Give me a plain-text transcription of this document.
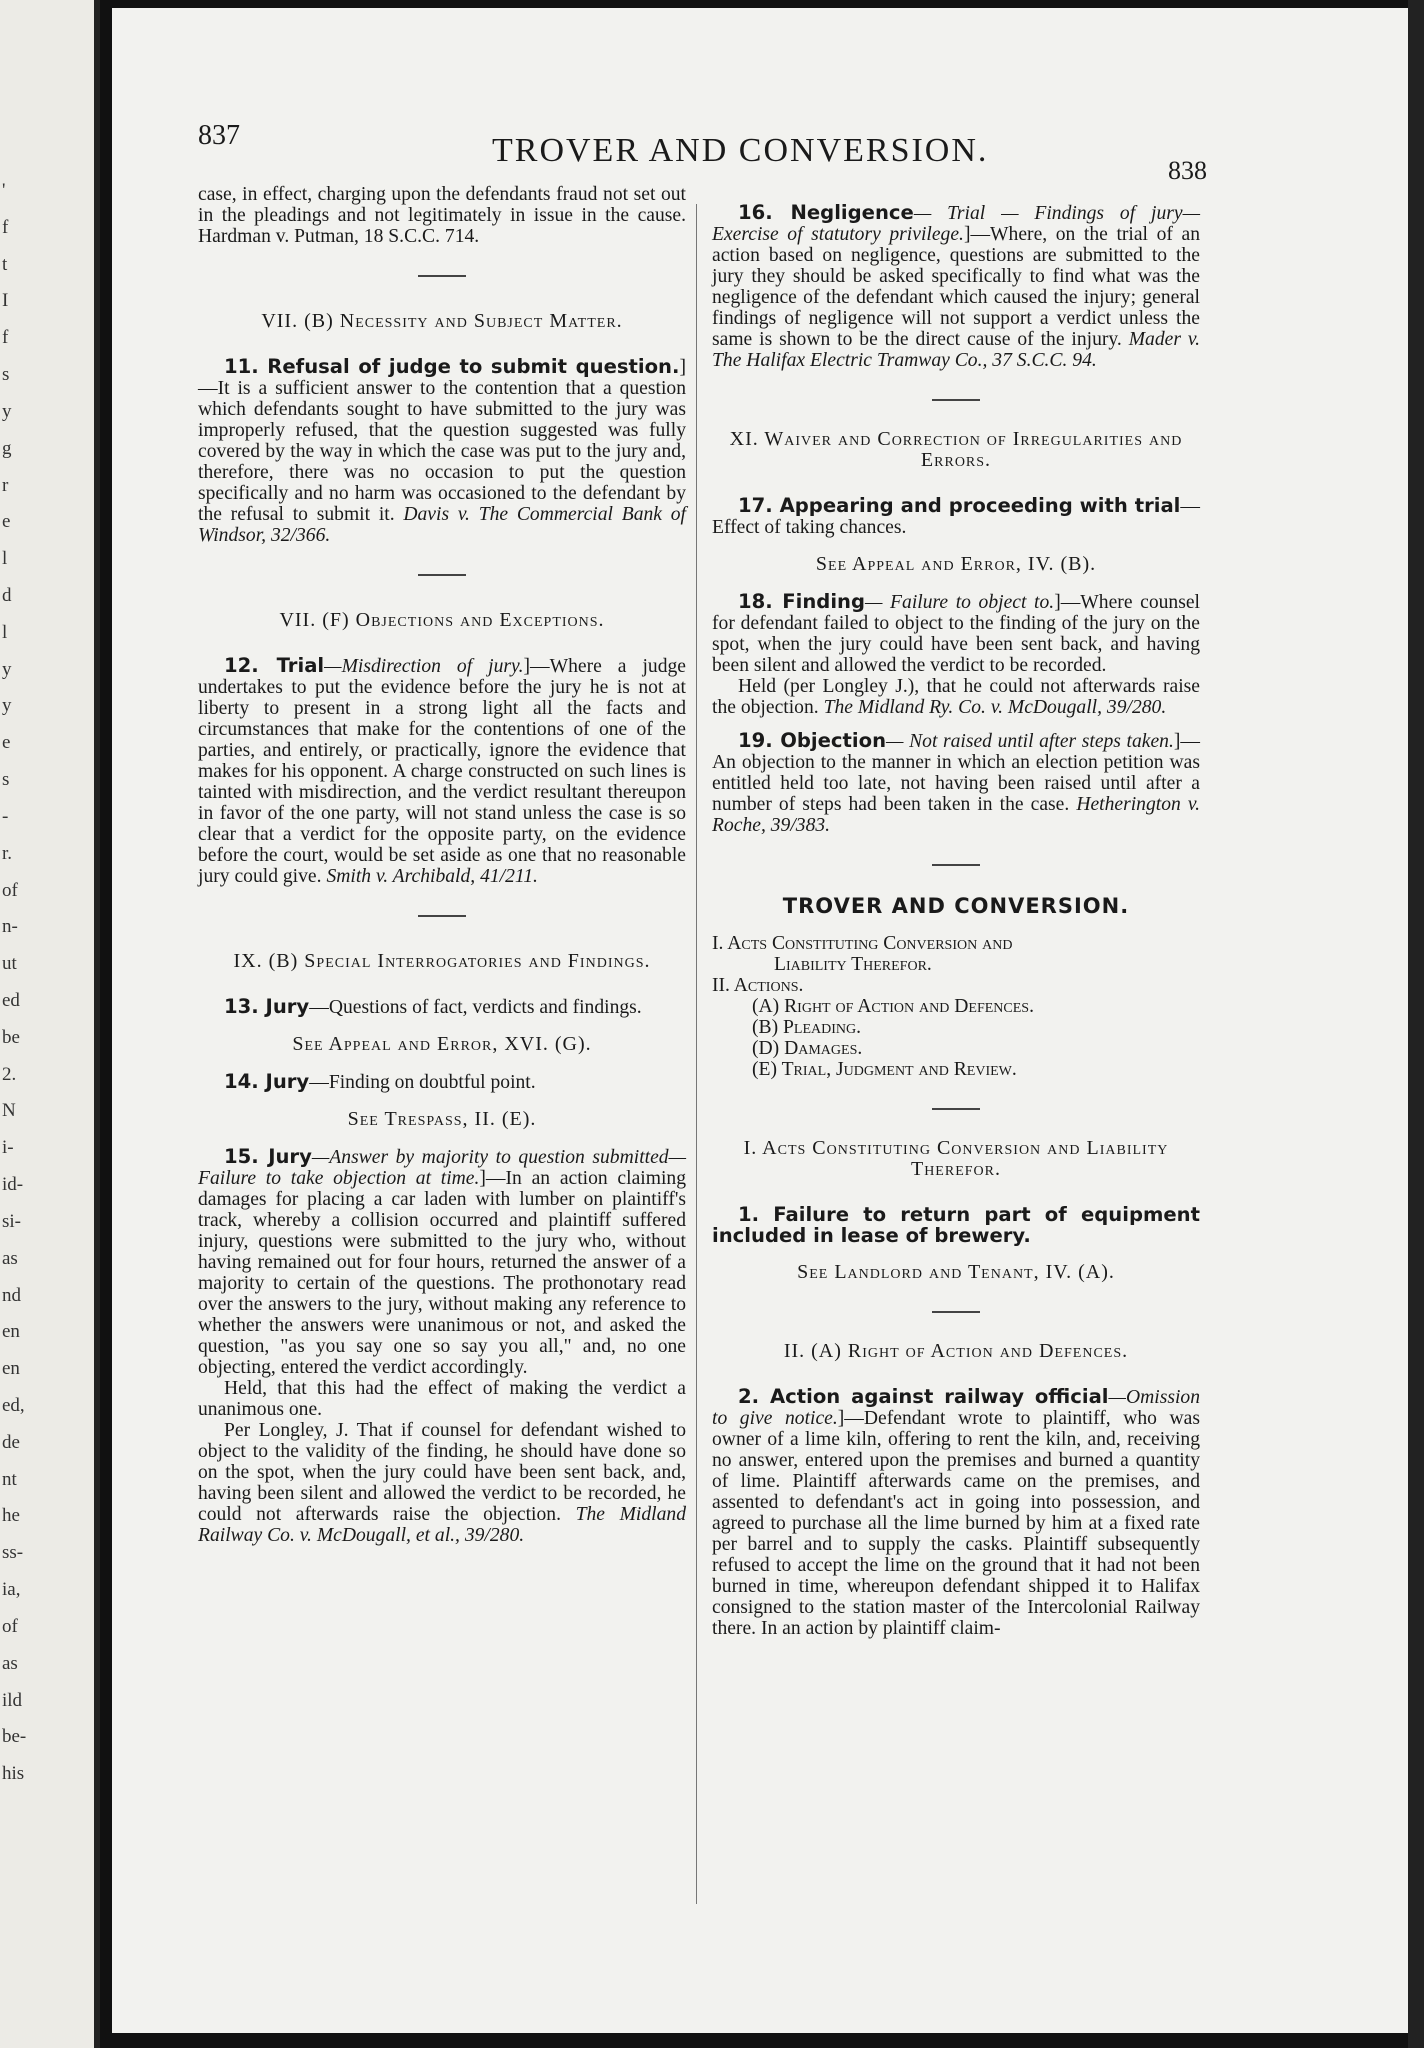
'
f
t
I
f
s
y
g
r
e
l
d
l
y
y
e
s
-
r.
of
n-
ut
ed
be
2.
N
i-
id-
si-
as
nd
en
en
ed,
de
nt
he
ss-
ia,
of
as
ild
be-
his
837	TROVER AND CONVERSION.
838

case, in effect, charging upon the defendants fraud not set out in the pleadings and not legitimately in issue in the cause. Hardman v. Putman, 18 S.C.C. 714.

VII. (B) Necessity and Subject Matter.

11. Refusal of judge to submit question.]—It is a sufficient answer to the contention that a question which defendants sought to have submitted to the jury was improperly refused, that the question suggested was fully covered by the way in which the case was put to the jury and, therefore, there was no occasion to put the question specifically and no harm was occasioned to the defendant by the refusal to submit it. Davis v. The Commercial Bank of Windsor, 32/366.

VII. (F) Objections and Exceptions.

12. Trial—Misdirection of jury.]—Where a judge undertakes to put the evidence before the jury he is not at liberty to present in a strong light all the facts and circumstances that make for the contentions of one of the parties, and entirely, or practically, ignore the evidence that makes for his opponent. A charge constructed on such lines is tainted with misdirection, and the verdict resultant thereupon in favor of the one party, will not stand unless the case is so clear that a verdict for the opposite party, on the evidence before the court, would be set aside as one that no reasonable jury could give. Smith v. Archibald, 41/211.

IX. (B) Special Interrogatories and Findings.

13. Jury—Questions of fact, verdicts and findings.

See Appeal and Error, XVI. (G).

14. Jury—Finding on doubtful point.

See Trespass, II. (E).

15. Jury—Answer by majority to question submitted—Failure to take objection at time.]—In an action claiming damages for placing a car laden with lumber on plaintiff's track, whereby a collision occurred and plaintiff suffered injury, questions were submitted to the jury who, without having remained out for four hours, returned the answer of a majority to certain of the questions. The prothonotary read over the answers to the jury, without making any reference to whether the answers were unanimous or not, and asked the question, "as you say one so say you all," and, no one objecting, entered the verdict accordingly.

Held, that this had the effect of making the verdict a unanimous one.

Per Longley, J. That if counsel for defendant wished to object to the validity of the finding, he should have done so on the spot, when the jury could have been sent back, and, having been silent and allowed the verdict to be recorded, he could not afterwards raise the objection. The Midland Railway Co. v. McDougall, et al., 39/280.

16. Negligence— Trial — Findings of jury—Exercise of statutory privilege.]—Where, on the trial of an action based on negligence, questions are submitted to the jury they should be asked specifically to find what was the negligence of the defendant which caused the injury; general findings of negligence will not support a verdict unless the same is shown to be the direct cause of the injury. Mader v. The Halifax Electric Tramway Co., 37 S.C.C. 94.

XI. Waiver and Correction of Irregularities and Errors.

17. Appearing and proceeding with trial—Effect of taking chances.

See Appeal and Error, IV. (B).

18. Finding— Failure to object to.]—Where counsel for defendant failed to object to the finding of the jury on the spot, when the jury could have been sent back, and having been silent and allowed the verdict to be recorded.

Held (per Longley J.), that he could not afterwards raise the objection. The Midland Ry. Co. v. McDougall, 39/280.

19. Objection— Not raised until after steps taken.]—An objection to the manner in which an election petition was entitled held too late, not having been raised until after a number of steps had been taken in the case. Hetherington v. Roche, 39/383.

TROVER AND CONVERSION.
I. Acts Constituting Conversion and
Liability Therefor.
II. Actions.
(A) Right of Action and Defences.
(B) Pleading.
(D) Damages.
(E) Trial, Judgment and Review.
I. Acts Constituting Conversion and Liability Therefor.

1. Failure to return part of equipment included in lease of brewery.

See Landlord and Tenant, IV. (A).
II. (A) Right of Action and Defences.

2. Action against railway official—Omission to give notice.]—Defendant wrote to plaintiff, who was owner of a lime kiln, offering to rent the kiln, and, receiving no answer, entered upon the premises and burned a quantity of lime. Plaintiff afterwards came on the premises, and assented to defendant's act in going into possession, and agreed to purchase all the lime burned by him at a fixed rate per barrel and to supply the casks. Plaintiff subsequently refused to accept the lime on the ground that it had not been burned in time, whereupon defendant shipped it to Halifax consigned to the station master of the Intercolonial Railway there. In an action by plaintiff claim-
